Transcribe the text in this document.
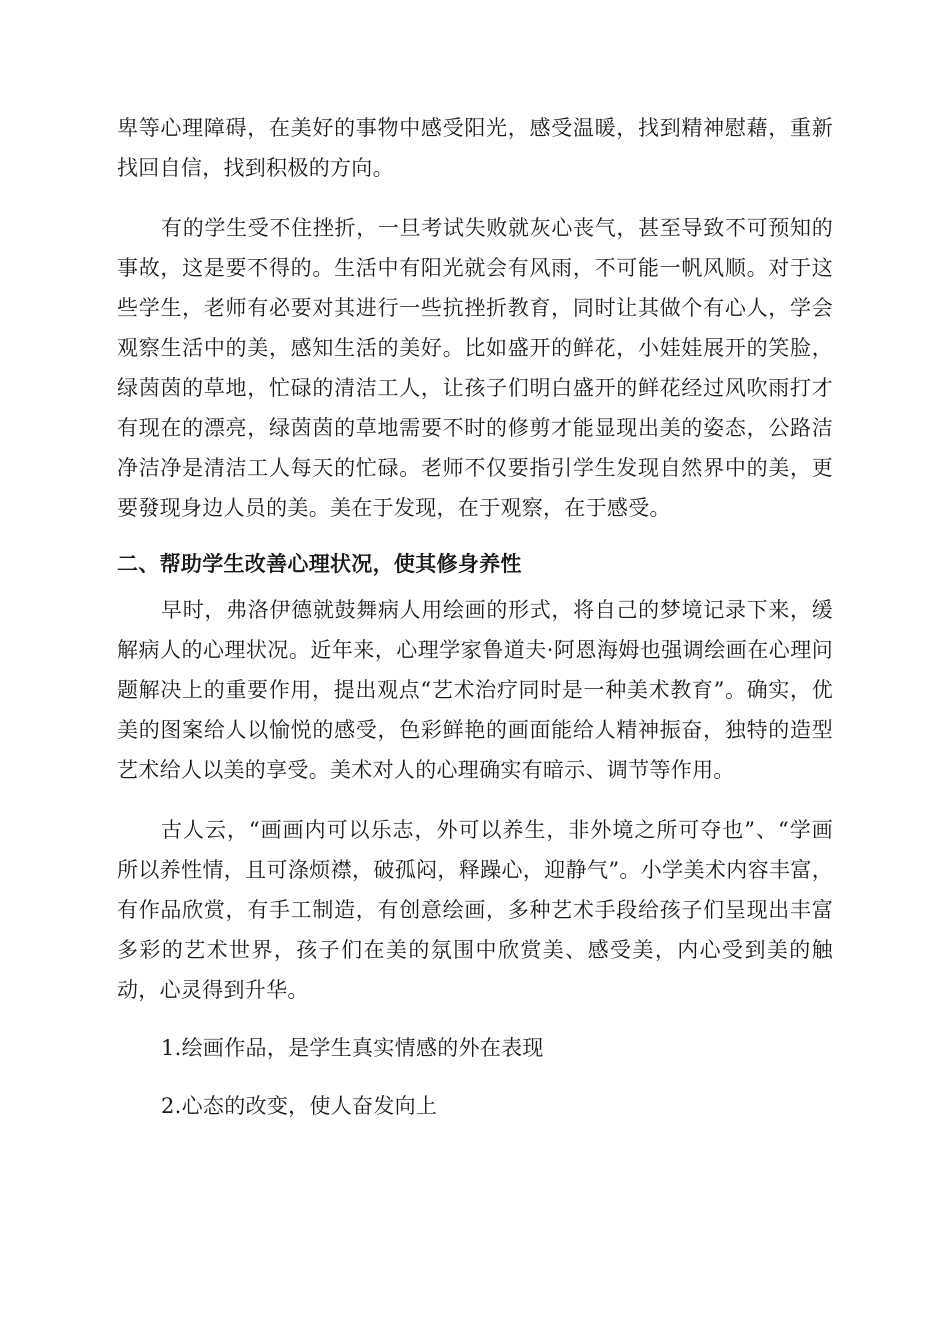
卑等心理障碍，在美好的事物中感受阳光，感受温暖，找到精神慰藉，重新找回自信，找到积极的方向。

有的学生受不住挫折，一旦考试失败就灰心丧气，甚至导致不可预知的事故，这是要不得的。生活中有阳光就会有风雨，不可能一帆风顺。对于这些学生，老师有必要对其进行一些抗挫折教育，同时让其做个有心人，学会观察生活中的美，感知生活的美好。比如盛开的鲜花，小娃娃展开的笑脸，绿茵茵的草地，忙碌的清洁工人，让孩子们明白盛开的鲜花经过风吹雨打才有现在的漂亮，绿茵茵的草地需要不时的修剪才能显现出美的姿态，公路洁净洁净是清洁工人每天的忙碌。老师不仅要指引学生发现自然界中的美，更要發现身边人员的美。美在于发现，在于观察，在于感受。

二、帮助学生改善心理状况，使其修身养性

早时，弗洛伊德就鼓舞病人用绘画的形式，将自己的梦境记录下来，缓解病人的心理状况。近年来，心理学家鲁道夫·阿恩海姆也强调绘画在心理问题解决上的重要作用，提出观点“艺术治疗同时是一种美术教育”。确实，优美的图案给人以愉悦的感受，色彩鲜艳的画面能给人精神振奋，独特的造型艺术给人以美的享受。美术对人的心理确实有暗示、调节等作用。

古人云，“画画内可以乐志，外可以养生，非外境之所可夺也”、“学画所以养性情，且可涤烦襟，破孤闷，释躁心，迎静气”。小学美术内容丰富，有作品欣赏，有手工制造，有创意绘画，多种艺术手段给孩子们呈现出丰富多彩的艺术世界，孩子们在美的氛围中欣赏美、感受美，内心受到美的触动，心灵得到升华。

1.绘画作品，是学生真实情感的外在表现

2.心态的改变，使人奋发向上
